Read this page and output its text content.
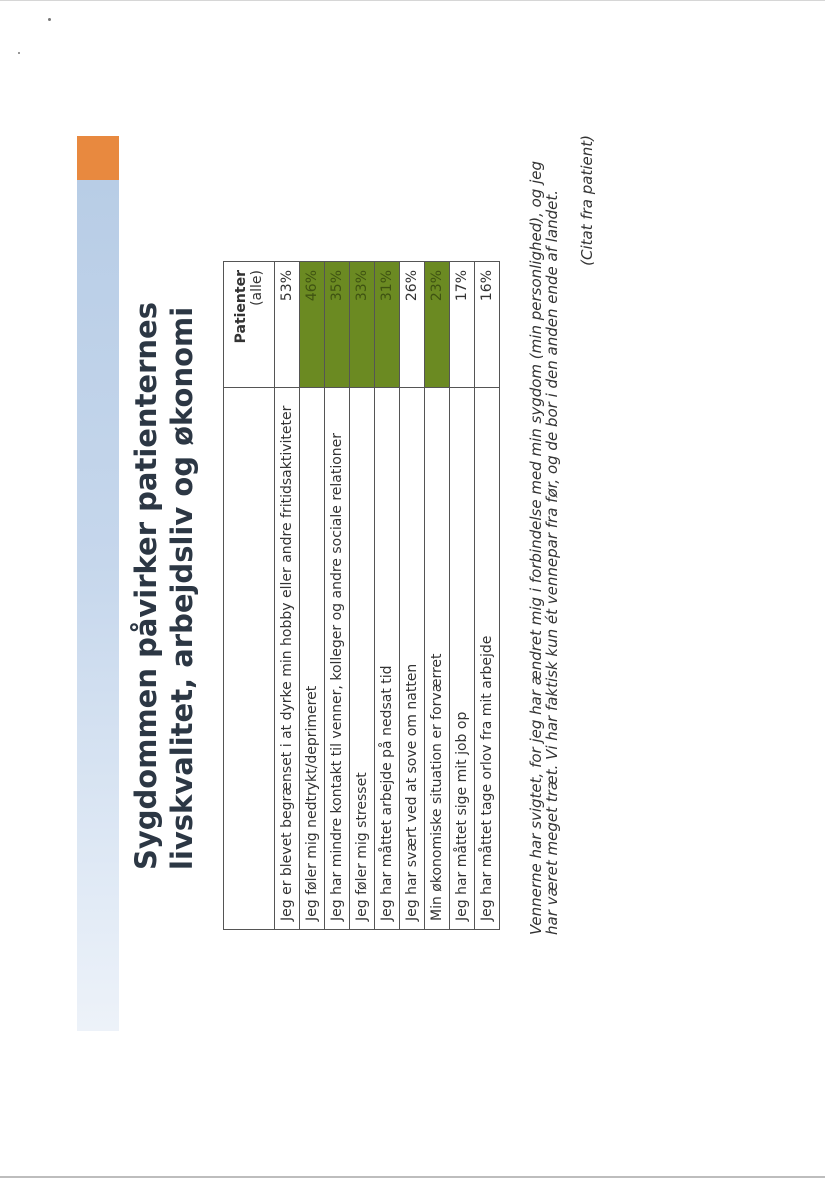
Sygdommen påvirker patienternes livskvalitet, arbejdsliv og økonomi

	Patienter (alle)

Jeg er blevet begrænset i at dyrke min hobby eller andre fritidsaktiviteter	53%
Jeg føler mig nedtrykt/deprimeret	46%
Jeg har mindre kontakt til venner, kolleger og andre sociale relationer	35%
Jeg føler mig stresset	33%
Jeg har måttet arbejde på nedsat tid	31%
Jeg har svært ved at sove om natten	26%
Min økonomiske situation er forværret	23%
Jeg har måttet sige mit job op	17%
Jeg har måttet tage orlov fra mit arbejde	16% Vennerne har svigtet, for jeg har ændret mig i forbindelse med min sygdom (min personlighed), og jeg har været meget træt. Vi har faktisk kun ét vennepar fra før, og de bor i den anden ende af landet. (Citat fra patient)
